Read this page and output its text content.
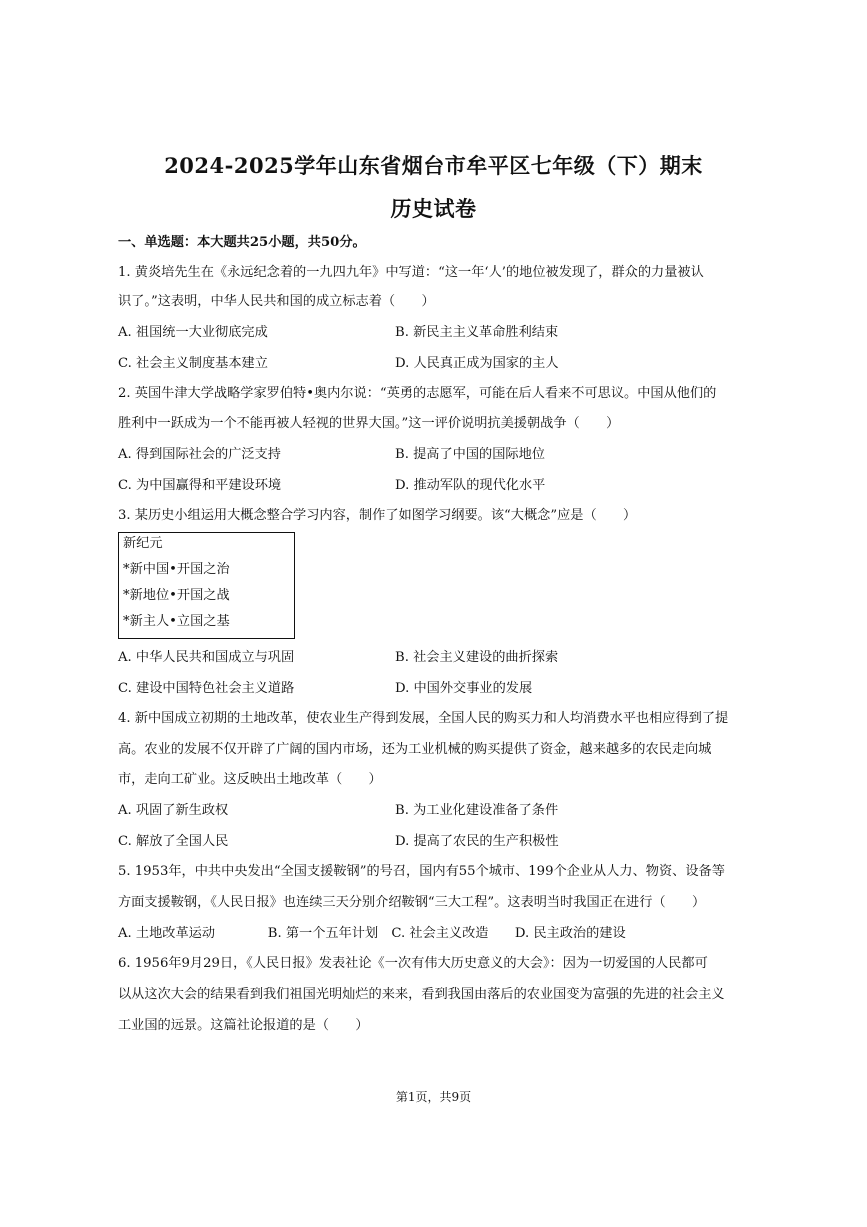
2024-2025学年山东省烟台市牟平区七年级（下）期末
历史试卷
一、单选题：本大题共25小题，共50分。
1. 黄炎培先生在《永远纪念着的一九四九年》中写道：“这一年‘人’的地位被发现了，群众的力量被认
识了。”这表明，中华人民共和国的成立标志着（　　）
A. 祖国统一大业彻底完成	B. 新民主主义革命胜利结束
C. 社会主义制度基本建立	D. 人民真正成为国家的主人
2. 英国牛津大学战略学家罗伯特•奥内尔说：“英勇的志愿军，可能在后人看来不可思议。中国从他们的
胜利中一跃成为一个不能再被人轻视的世界大国。”这一评价说明抗美援朝战争（　　）
A. 得到国际社会的广泛支持	B. 提高了中国的国际地位
C. 为中国赢得和平建设环境	D. 推动军队的现代化水平
3. 某历史小组运用大概念整合学习内容，制作了如图学习纲要。该“大概念”应是（　　）
新纪元
*新中国•开国之治
*新地位•开国之战
*新主人•立国之基
A. 中华人民共和国成立与巩固	B. 社会主义建设的曲折探索
C. 建设中国特色社会主义道路	D. 中国外交事业的发展
4. 新中国成立初期的土地改革，使农业生产得到发展，全国人民的购买力和人均消费水平也相应得到了提
高。农业的发展不仅开辟了广阔的国内市场，还为工业机械的购买提供了资金，越来越多的农民走向城
市，走向工矿业。这反映出土地改革（　　）
A. 巩固了新生政权	B. 为工业化建设准备了条件
C. 解放了全国人民	D. 提高了农民的生产积极性
5. 1953年，中共中央发出“全国支援鞍钢”的号召，国内有55个城市、199个企业从人力、物资、设备等
方面支援鞍钢，《人民日报》也连续三天分别介绍鞍钢“三大工程”。这表明当时我国正在进行（　　）
A. 土地改革运动　　　　B. 第一个五年计划　C. 社会主义改造　　D. 民主政治的建设
6. 1956年9月29日，《人民日报》发表社论《一次有伟大历史意义的大会》：因为一切爱国的人民都可
以从这次大会的结果看到我们祖国光明灿烂的来来，看到我国由落后的农业国变为富强的先进的社会主义
工业国的远景。这篇社论报道的是（　　）
第1页，共9页
